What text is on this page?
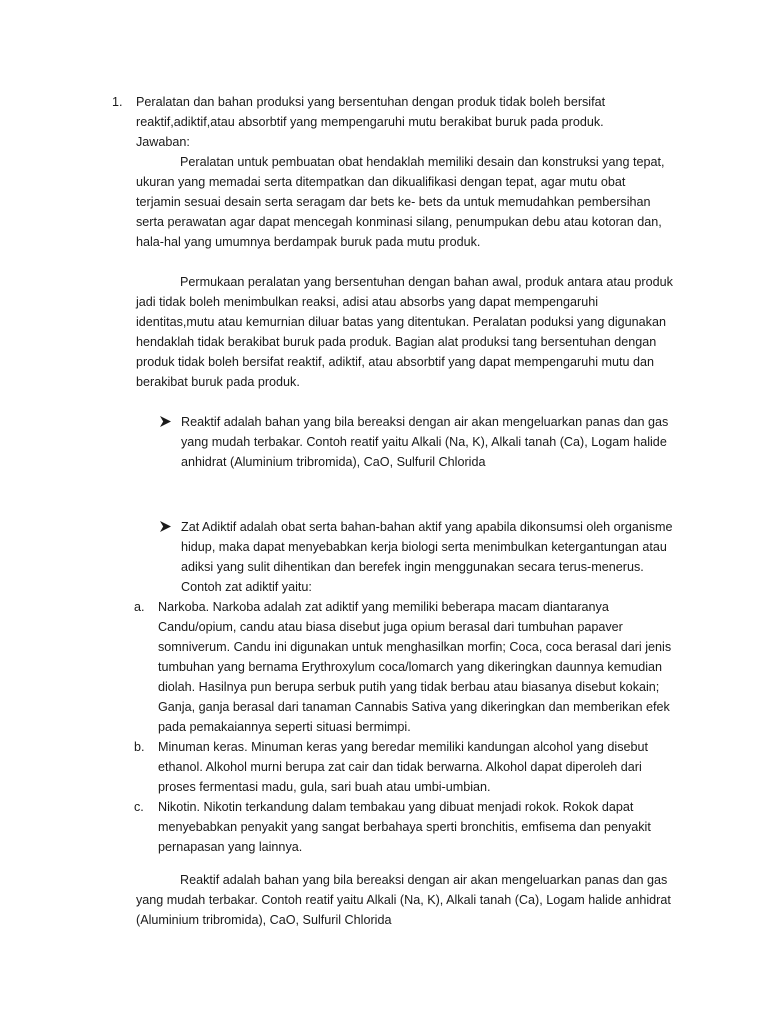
1. Peralatan dan bahan produksi yang bersentuhan dengan produk tidak boleh bersifat
reaktif,adiktif,atau absorbtif yang mempengaruhi mutu berakibat buruk pada produk.
Jawaban:
Peralatan untuk pembuatan obat hendaklah memiliki desain dan konstruksi yang tepat,
ukuran yang memadai serta ditempatkan dan dikualifikasi dengan tepat, agar mutu obat
terjamin sesuai desain serta seragam dar bets ke- bets da untuk memudahkan pembersihan
serta perawatan agar dapat mencegah konminasi silang, penumpukan debu atau kotoran dan,
hala-hal yang umumnya berdampak buruk pada mutu produk.
Permukaan peralatan yang bersentuhan dengan bahan awal, produk antara atau produk
jadi tidak boleh menimbulkan reaksi, adisi atau absorbs yang dapat mempengaruhi
identitas,mutu atau kemurnian diluar batas yang ditentukan. Peralatan poduksi yang digunakan
hendaklah tidak berakibat buruk pada produk. Bagian alat produksi tang bersentuhan dengan
produk tidak boleh bersifat reaktif, adiktif, atau absorbtif yang dapat mempengaruhi mutu dan
berakibat buruk pada produk.
Reaktif adalah bahan yang bila bereaksi dengan air akan mengeluarkan panas dan gas
yang mudah terbakar. Contoh reatif yaitu Alkali (Na, K), Alkali tanah (Ca), Logam halide
anhidrat (Aluminium tribromida), CaO, Sulfuril Chlorida
Zat Adiktif adalah obat serta bahan-bahan aktif yang apabila dikonsumsi oleh organisme
hidup, maka dapat menyebabkan kerja biologi serta menimbulkan ketergantungan atau
adiksi yang sulit dihentikan dan berefek ingin menggunakan secara terus-menerus.
Contoh zat adiktif yaitu:
a. Narkoba. Narkoba adalah zat adiktif yang memiliki beberapa macam diantaranya
Candu/opium, candu atau biasa disebut juga opium berasal dari tumbuhan papaver
somniverum. Candu ini digunakan untuk menghasilkan morfin; Coca, coca berasal dari jenis
tumbuhan yang bernama Erythroxylum coca/lomarch yang dikeringkan daunnya kemudian
diolah. Hasilnya pun berupa serbuk putih yang tidak berbau atau biasanya disebut kokain;
Ganja, ganja berasal dari tanaman Cannabis Sativa yang dikeringkan dan memberikan efek
pada pemakaiannya seperti situasi bermimpi.
b. Minuman keras. Minuman keras yang beredar memiliki kandungan alcohol yang disebut
ethanol. Alkohol murni berupa zat cair dan tidak berwarna. Alkohol dapat diperoleh dari
proses fermentasi madu, gula, sari buah atau umbi-umbian.
c. Nikotin. Nikotin terkandung dalam tembakau yang dibuat menjadi rokok. Rokok dapat
menyebabkan penyakit yang sangat berbahaya sperti bronchitis, emfisema dan penyakit
pernapasan yang lainnya.
Reaktif adalah bahan yang bila bereaksi dengan air akan mengeluarkan panas dan gas
yang mudah terbakar. Contoh reatif yaitu Alkali (Na, K), Alkali tanah (Ca), Logam halide anhidrat
(Aluminium tribromida), CaO, Sulfuril Chlorida
